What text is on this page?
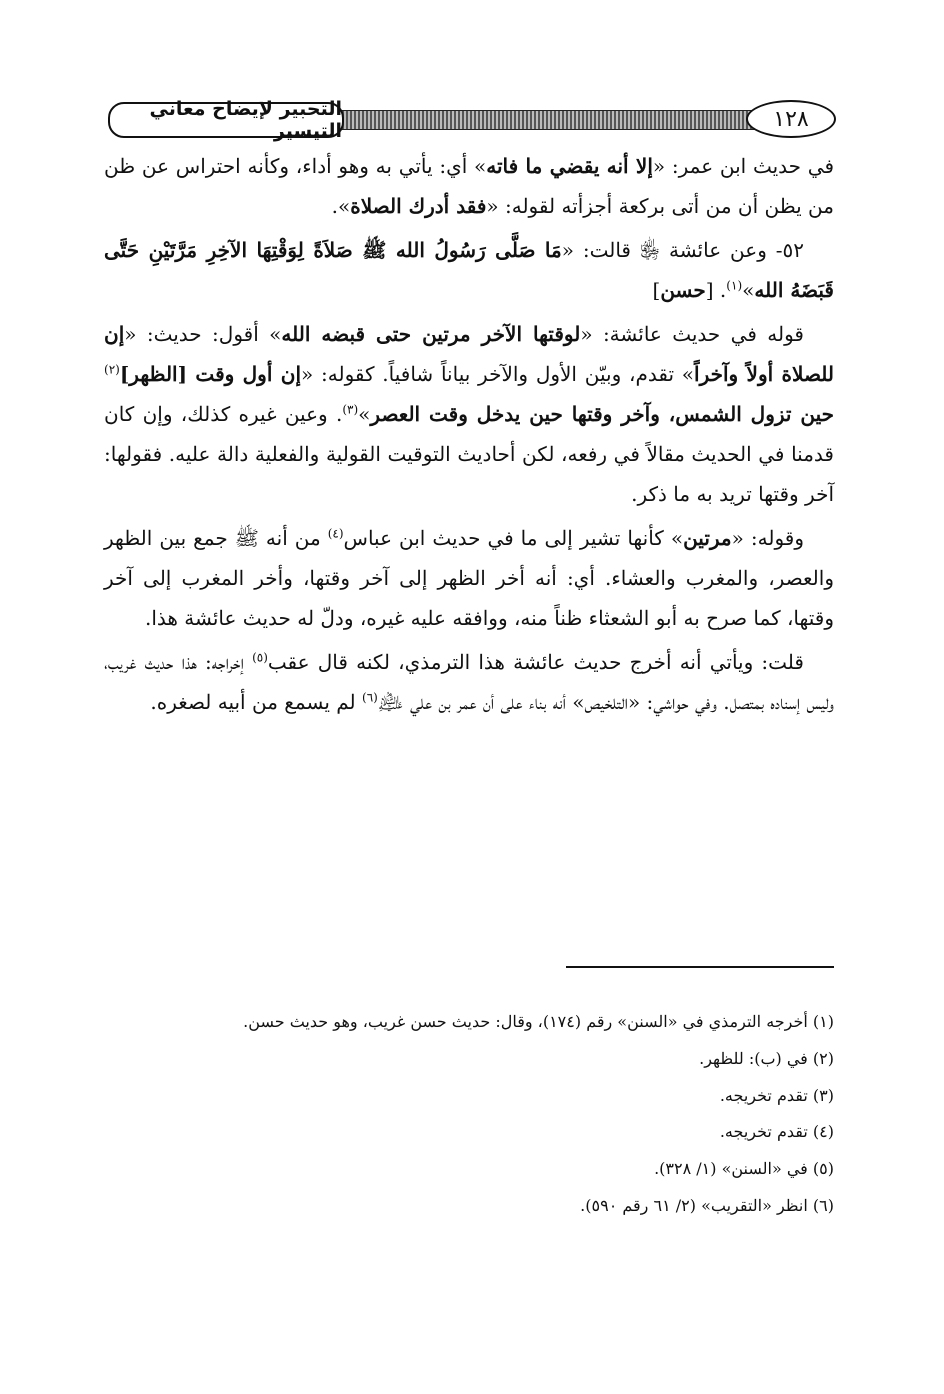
التحبير لإيضاح معاني التيسير	١٢٨

في حديث ابن عمر: «إلا أنه يقضي ما فاته» أي: يأتي به وهو أداء، وكأنه احتراس عن ظن من يظن أن من أتى بركعة أجزأته لقوله: «فقد أدرك الصلاة».

٥٢- وعن عائشة ﵂ قالت: «مَا صَلَّى رَسُولُ الله ﷺ صَلاَةً لِوَقْتِهَا الآخِرِ مَرَّتَيْنِ حَتَّى قَبَضَهُ الله»$^{(١)}$. [حسن]

قوله في حديث عائشة: «لوقتها الآخر مرتين حتى قبضه الله» أقول: حديث: «إن للصلاة أولاً وآخراً» تقدم، وبيّن الأول والآخر بياناً شافياً. كقوله: «إن أول وقت [الظهر]$^{(٢)}$ حين تزول الشمس، وآخر وقتها حين يدخل وقت العصر»$^{(٣)}$. وعين غيره كذلك، وإن كان قدمنا في الحديث مقالاً في رفعه، لكن أحاديث التوقيت القولية والفعلية دالة عليه. فقولها: آخر وقتها تريد به ما ذكر.

وقوله: «مرتين» كأنها تشير إلى ما في حديث ابن عباس$^{(٤)}$ من أنه ﷺ جمع بين الظهر والعصر، والمغرب والعشاء. أي: أنه أخر الظهر إلى آخر وقتها، وأخر المغرب إلى آخر وقتها، كما صرح به أبو الشعثاء ظناً منه، ووافقه عليه غيره، ودلّ له حديث عائشة هذا.

قلت: ويأتي أنه أخرج حديث عائشة هذا الترمذي، لكنه قال عقب$^{(٥)}$ إخراجه: هذا حديث غريب، وليس إسناده بمتصل. وفي حواشي: «التلخيص» أنه بناء على أن عمر بن علي ﵇$^{(٦)}$ لم يسمع من أبيه لصغره.

(١) أخرجه الترمذي في «السنن» رقم (١٧٤)، وقال: حديث حسن غريب، وهو حديث حسن.
(٢) في (ب): للظهر.
(٣) تقدم تخريجه.
(٤) تقدم تخريجه.
(٥) في «السنن» (١/ ٣٢٨).
(٦) انظر «التقريب» (٢/ ٦١ رقم ٥٩٠).
